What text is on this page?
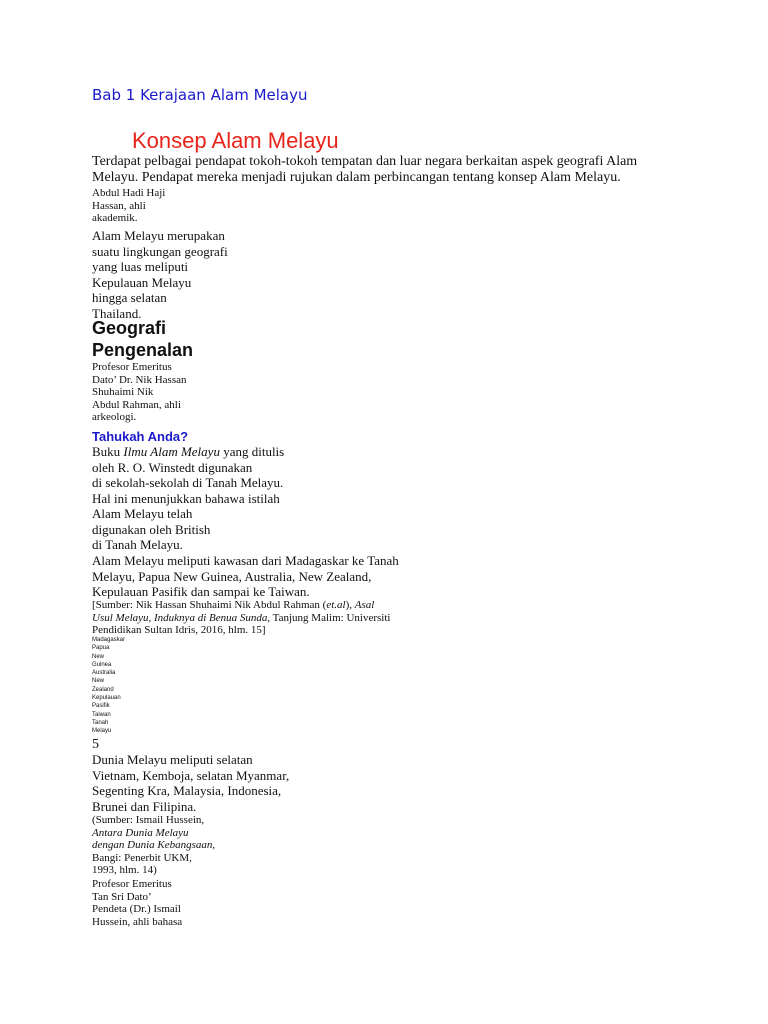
Bab 1 Kerajaan Alam Melayu
Konsep Alam Melayu
Terdapat pelbagai pendapat tokoh-tokoh tempatan dan luar negara berkaitan aspek geografi Alam
Melayu. Pendapat mereka menjadi rujukan dalam perbincangan tentang konsep Alam Melayu.
Abdul Hadi Haji
Hassan, ahli
akademik.
Alam Melayu merupakan
suatu lingkungan geografi
yang luas meliputi
Kepulauan Melayu
hingga selatan
Thailand.
Geografi
Pengenalan
Profesor Emeritus
Dato’ Dr. Nik Hassan
Shuhaimi Nik
Abdul Rahman, ahli
arkeologi.
Tahukah Anda?
Buku Ilmu Alam Melayu yang ditulis
oleh R. O. Winstedt digunakan
di sekolah-sekolah di Tanah Melayu.
Hal ini menunjukkan bahawa istilah
Alam Melayu telah
digunakan oleh British
di Tanah Melayu.
Alam Melayu meliputi kawasan dari Madagaskar ke Tanah
Melayu, Papua New Guinea, Australia, New Zealand,
Kepulauan Pasifik dan sampai ke Taiwan.
[Sumber: Nik Hassan Shuhaimi Nik Abdul Rahman (et.al), Asal
Usul Melayu, Induknya di Benua Sunda, Tanjung Malim: Universiti
Pendidikan Sultan Idris, 2016, hlm. 15]
Madagaskar
Papua
New
Guinea
Australia
New
Zealand
Kepulauan
Pasifik
Taiwan
Tanah
Melayu
5
Dunia Melayu meliputi selatan
Vietnam, Kemboja, selatan Myanmar,
Segenting Kra, Malaysia, Indonesia,
Brunei dan Filipina.
(Sumber: Ismail Hussein,
Antara Dunia Melayu
dengan Dunia Kebangsaan,
Bangi: Penerbit UKM,
1993, hlm. 14)
Profesor Emeritus
Tan Sri Dato’
Pendeta (Dr.) Ismail
Hussein, ahli bahasa
